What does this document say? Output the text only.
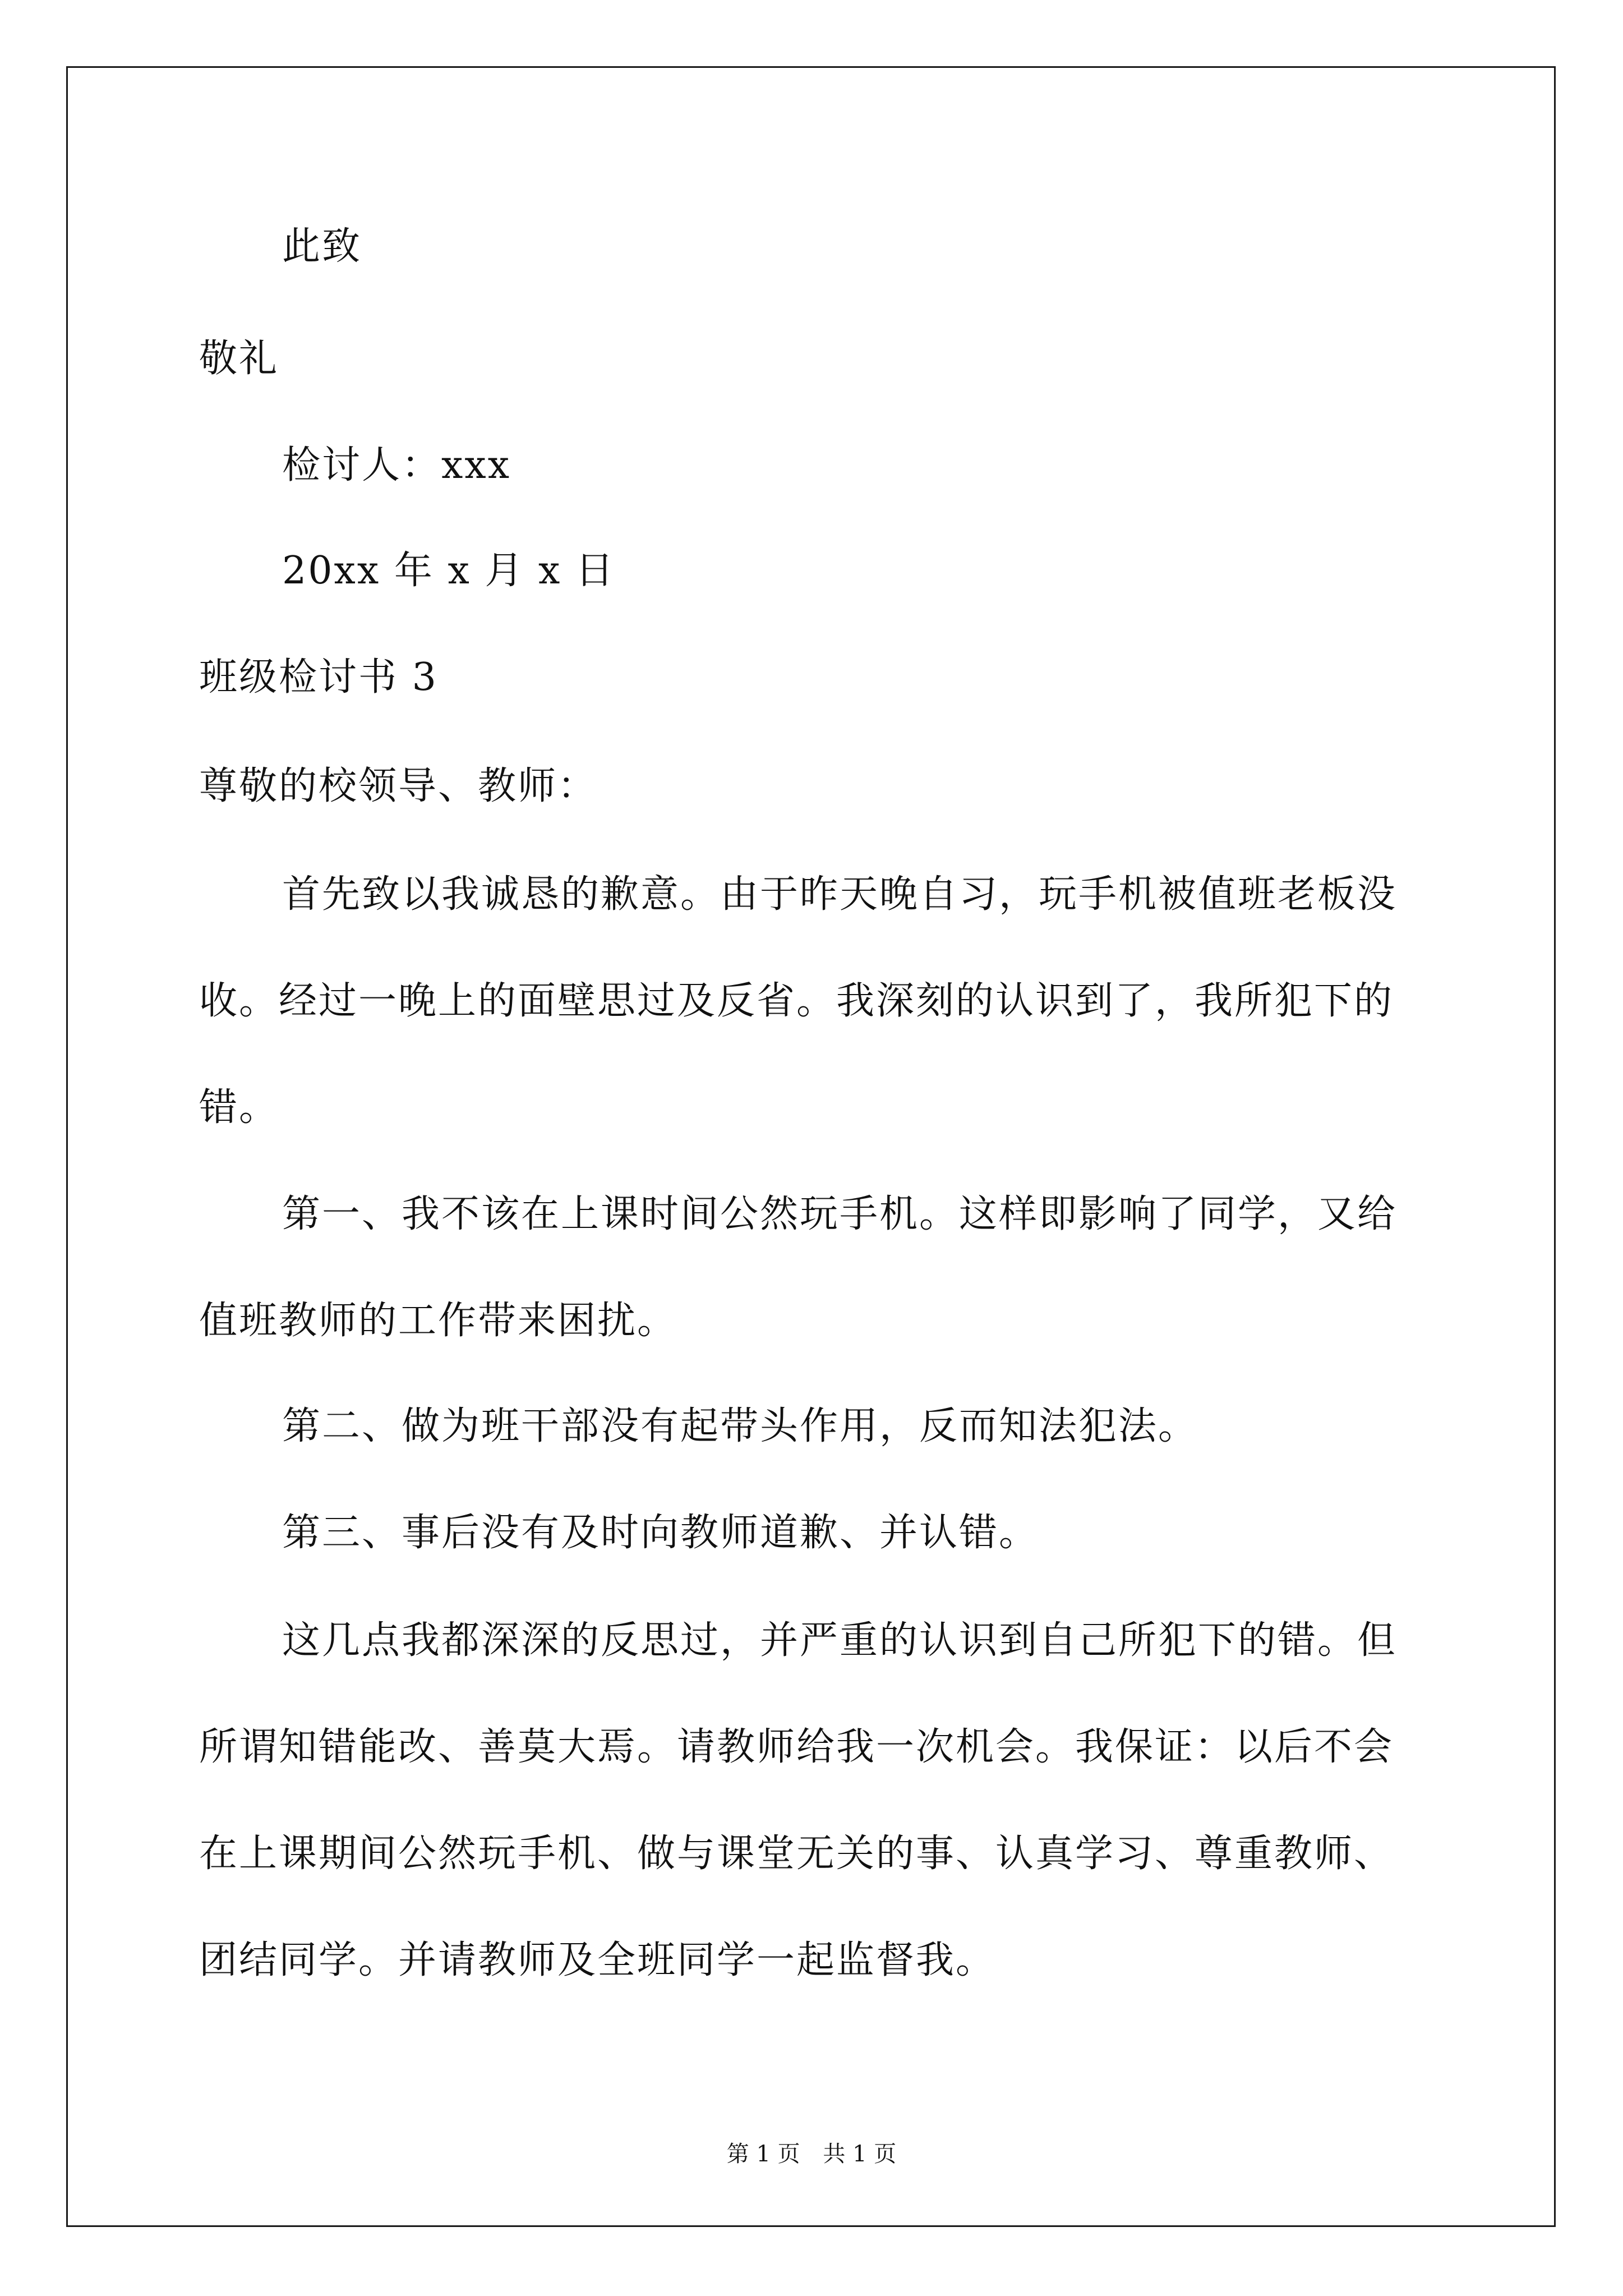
此致
敬礼
检讨人：xxx
20xx 年 x 月 x 日
班级检讨书 3
尊敬的校领导、教师：
首先致以我诚恳的歉意。由于昨天晚自习，玩手机被值班老板没
收。经过一晚上的面壁思过及反省。我深刻的认识到了，我所犯下的
错。
第一、我不该在上课时间公然玩手机。这样即影响了同学，又给
值班教师的工作带来困扰。
第二、做为班干部没有起带头作用，反而知法犯法。
第三、事后没有及时向教师道歉、并认错。
这几点我都深深的反思过，并严重的认识到自己所犯下的错。但
所谓知错能改、善莫大焉。请教师给我一次机会。我保证：以后不会
在上课期间公然玩手机、做与课堂无关的事、认真学习、尊重教师、
团结同学。并请教师及全班同学一起监督我。
第 1 页 共 1 页
